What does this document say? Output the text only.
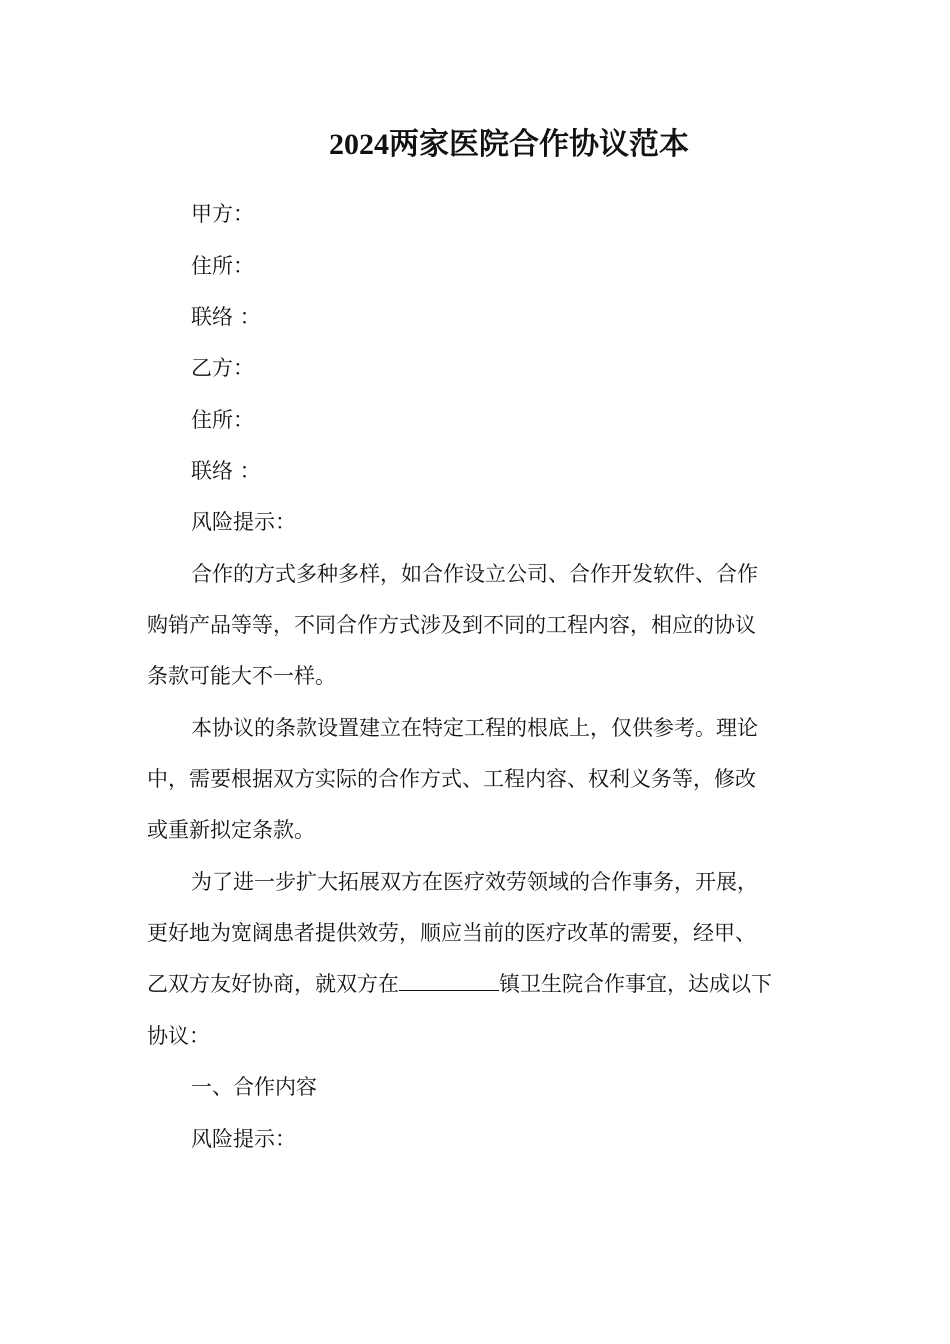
2024两家医院合作协议范本
甲方：
住所：
联络 ：
乙方：
住所：
联络 ：
风险提示：
合作的方式多种多样，如合作设立公司、合作开发软件、合作
购销产品等等，不同合作方式涉及到不同的工程内容，相应的协议
条款可能大不一样。
本协议的条款设置建立在特定工程的根底上，仅供参考。理论
中，需要根据双方实际的合作方式、工程内容、权利义务等，修改
或重新拟定条款。
为了进一步扩大拓展双方在医疗效劳领域的合作事务，开展，
更好地为宽阔患者提供效劳，顺应当前的医疗改革的需要，经甲、
乙双方友好协商，就双方在	镇卫生院合作事宜，达成以下
协议：
一、合作内容
风险提示：
